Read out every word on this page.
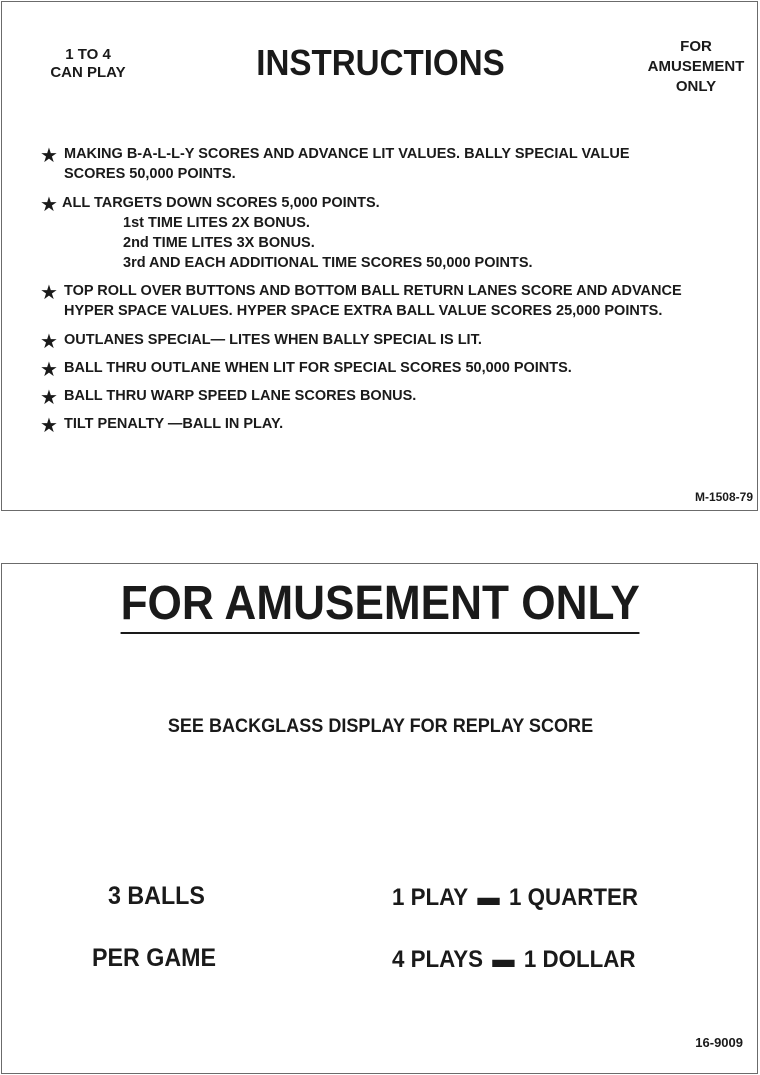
1 TO 4
CAN PLAY	INSTRUCTIONS	FOR
AMUSEMENT
ONLY
★ MAKING B-A-L-L-Y SCORES AND ADVANCE LIT VALUES. BALLY SPECIAL VALUE
SCORES 50,000 POINTS.
★ ALL TARGETS DOWN SCORES 5,000 POINTS.
1st TIME LITES 2X BONUS.
2nd TIME LITES 3X BONUS.
3rd AND EACH ADDITIONAL TIME SCORES 50,000 POINTS.
★ TOP ROLL OVER BUTTONS AND BOTTOM BALL RETURN LANES SCORE AND ADVANCE
HYPER SPACE VALUES. HYPER SPACE EXTRA BALL VALUE SCORES 25,000 POINTS.
★ OUTLANES SPECIAL— LITES WHEN BALLY SPECIAL IS LIT.
★ BALL THRU OUTLANE WHEN LIT FOR SPECIAL SCORES 50,000 POINTS.
★ BALL THRU WARP SPEED LANE SCORES BONUS.
★ TILT PENALTY —BALL IN PLAY.
M-1508-79
FOR AMUSEMENT ONLY
SEE BACKGLASS DISPLAY FOR REPLAY SCORE
3 BALLS
PER GAME
1 PLAY ▬ 1 QUARTER
4 PLAYS ▬ 1 DOLLAR
16-9009
